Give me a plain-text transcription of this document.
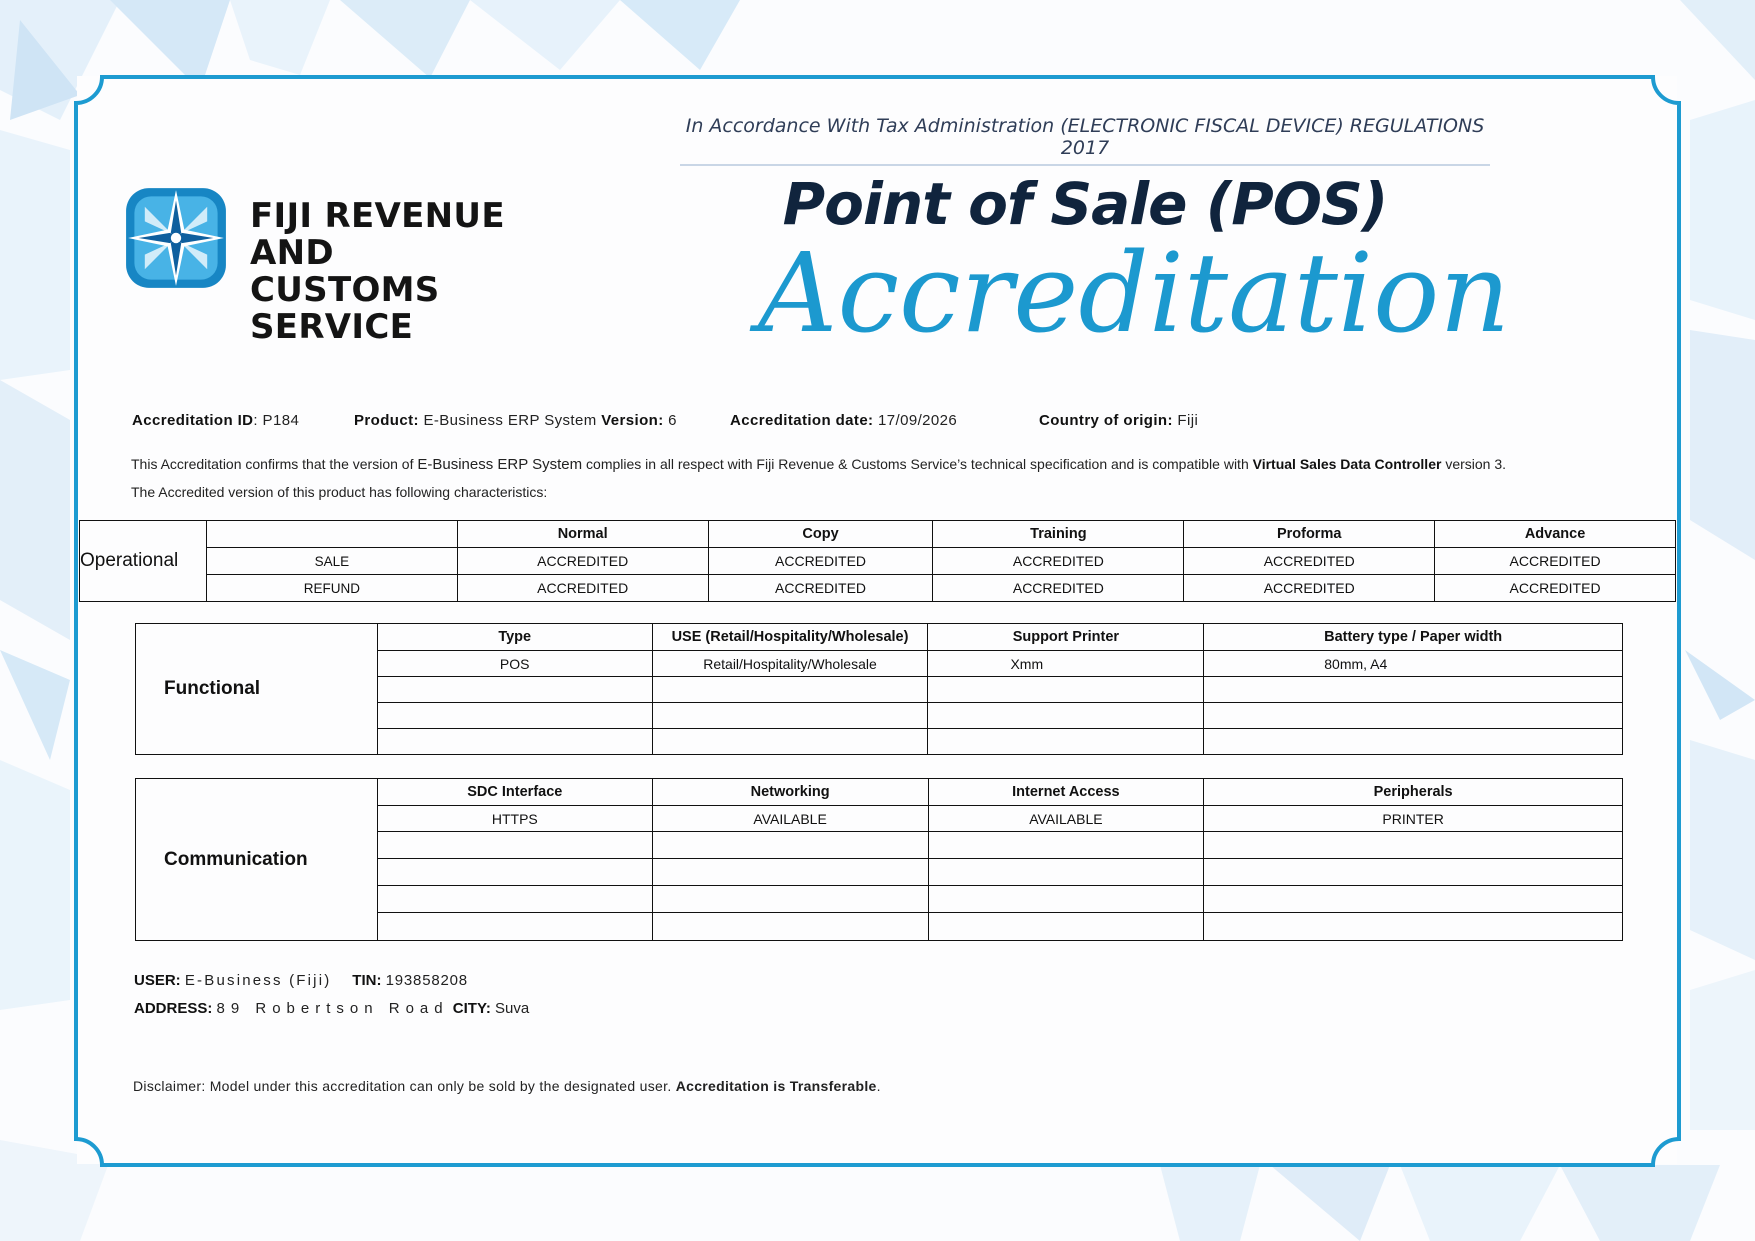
FIJI REVENUE AND
CUSTOMS SERVICE
In Accordance With Tax Administration (ELECTRONIC FISCAL DEVICE) REGULATIONS 2017
Point of Sale (POS)
Accreditation
Accreditation ID: P184	Product: E-Business ERP System Version: 6	Accreditation date: 17/09/2026	Country of origin: Fiji
This Accreditation confirms that the version of E-Business ERP System complies in all respect with Fiji Revenue & Customs Service’s technical specification and is compatible with Virtual Sales Data Controller version 3.
The Accredited version of this product has following characteristics:
Operational		Normal	Copy	Training	Proforma	Advance
	SALE	ACCREDITED	ACCREDITED	ACCREDITED	ACCREDITED	ACCREDITED
	REFUND	ACCREDITED	ACCREDITED	ACCREDITED	ACCREDITED	ACCREDITED
Functional	Type	USE (Retail/Hospitality/Wholesale)	Support Printer	Battery type / Paper width
	POS	Retail/Hospitality/Wholesale	Xmm	80mm, A4

Communication	SDC Interface	Networking	Internet Access	Peripherals
	HTTPS	AVAILABLE	AVAILABLE	PRINTER

USER: E-Business (Fiji) TIN: 193858208
ADDRESS: 89 Robertson Road CITY: Suva
Disclaimer: Model under this accreditation can only be sold by the designated user. Accreditation is Transferable.
